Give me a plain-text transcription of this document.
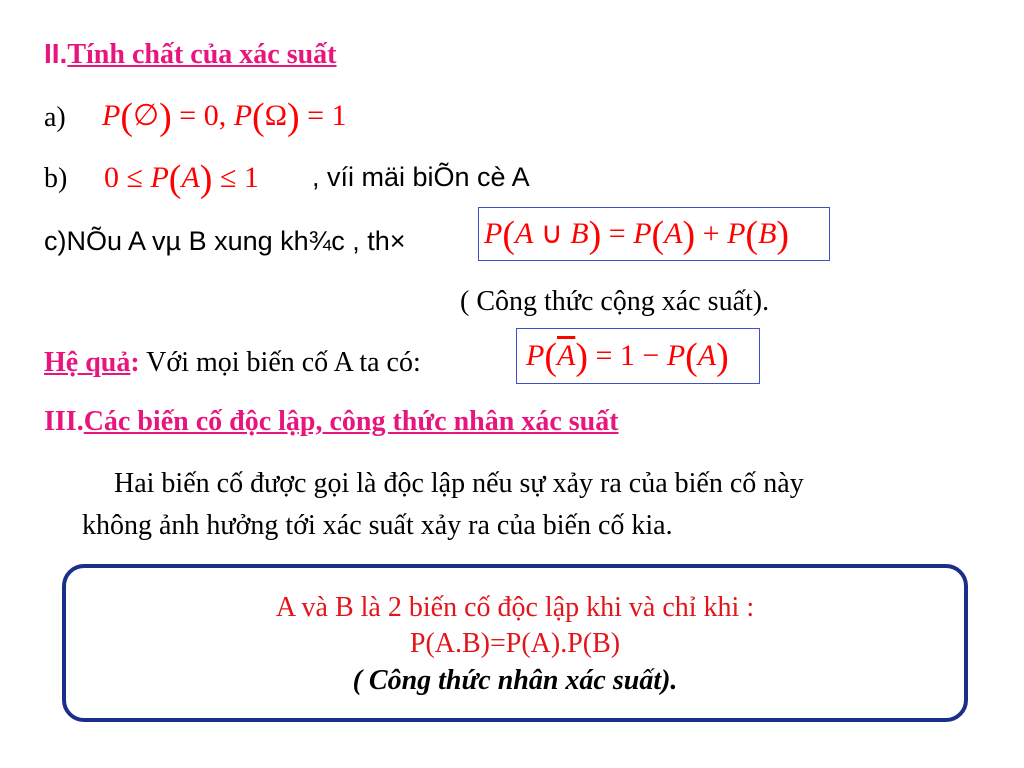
II.Tính chất của xác suất
a) P(∅) = 0, P(Ω) = 1
b) 0 ≤ P(A) ≤ 1 , víi mäi biÕn cè A
c)NÕu A vµ B xung kh¾c , th×	P(A ∪ B) = P(A) + P(B)
( Công thức cộng xác suất).
Hệ quả: Với mọi biến cố A ta có:	$P(\overline{A}) = 1 - P(A)$
III.Các biến cố độc lập, công thức nhân xác suất
Hai biến cố được gọi là độc lập nếu sự xảy ra của biến cố này
không ảnh hưởng tới xác suất xảy ra của biến cố kia.
A và B là 2 biến cố độc lập khi và chỉ khi :
P(A.B)=P(A).P(B)
( Công thức nhân xác suất).
